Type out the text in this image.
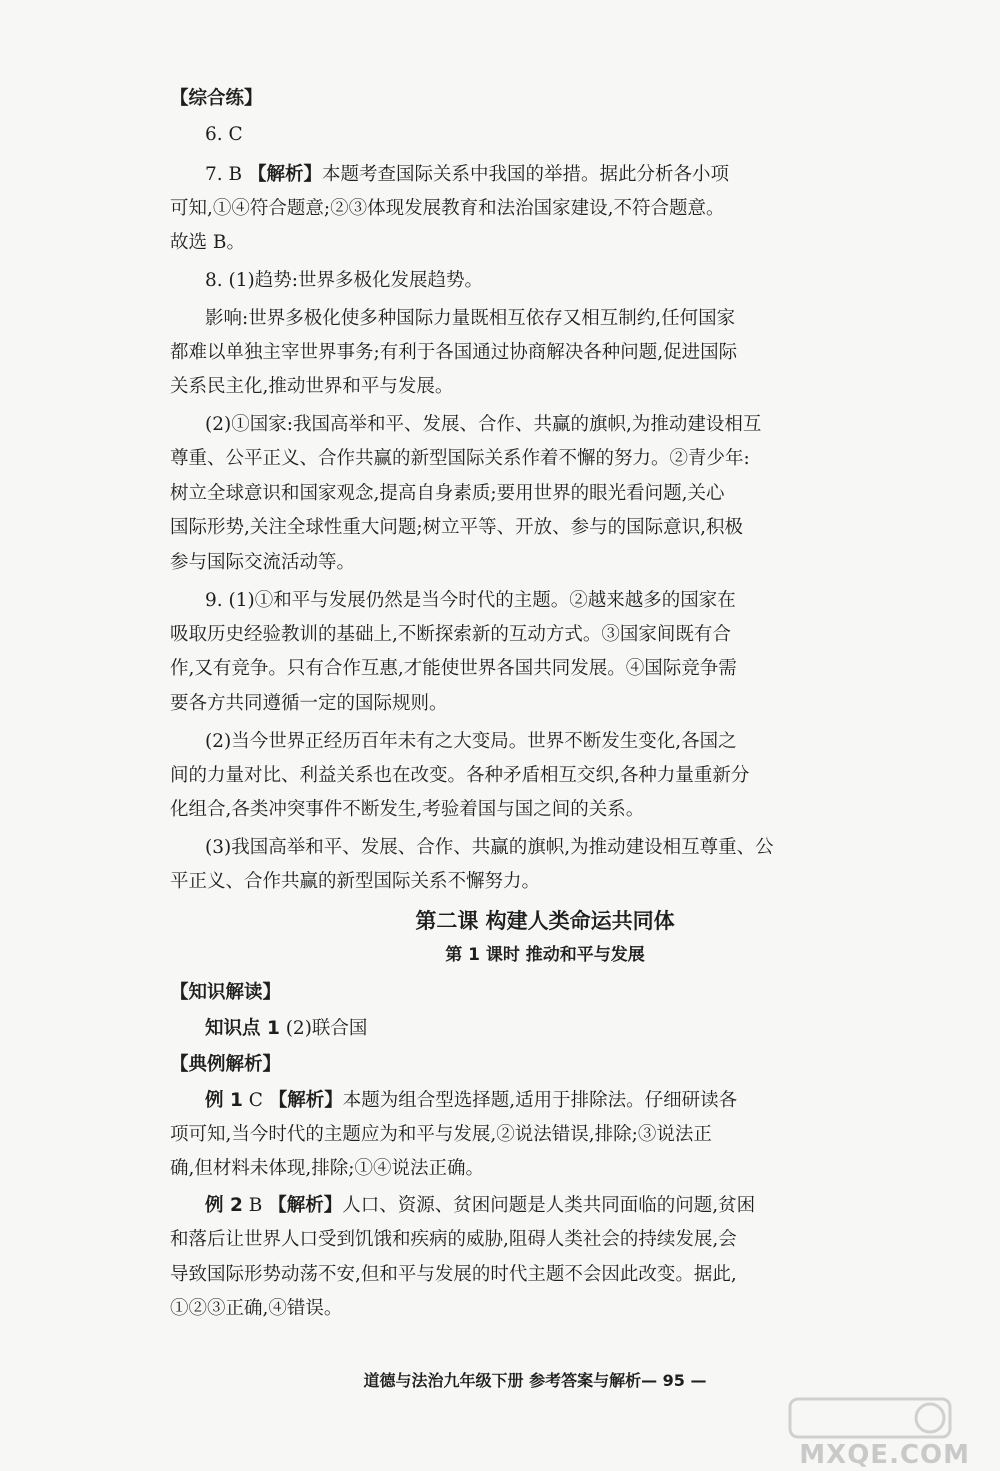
【综合练】
6. C
7. B 【解析】本题考查国际关系中我国的举措。据此分析各小项
可知,①④符合题意;②③体现发展教育和法治国家建设,不符合题意。
故选 B。
8. (1)趋势:世界多极化发展趋势。
影响:世界多极化使多种国际力量既相互依存又相互制约,任何国家
都难以单独主宰世界事务;有利于各国通过协商解决各种问题,促进国际
关系民主化,推动世界和平与发展。
(2)①国家:我国高举和平、发展、合作、共赢的旗帜,为推动建设相互
尊重、公平正义、合作共赢的新型国际关系作着不懈的努力。②青少年:
树立全球意识和国家观念,提高自身素质;要用世界的眼光看问题,关心
国际形势,关注全球性重大问题;树立平等、开放、参与的国际意识,积极
参与国际交流活动等。
9. (1)①和平与发展仍然是当今时代的主题。②越来越多的国家在
吸取历史经验教训的基础上,不断探索新的互动方式。③国家间既有合
作,又有竞争。只有合作互惠,才能使世界各国共同发展。④国际竞争需
要各方共同遵循一定的国际规则。
(2)当今世界正经历百年未有之大变局。世界不断发生变化,各国之
间的力量对比、利益关系也在改变。各种矛盾相互交织,各种力量重新分
化组合,各类冲突事件不断发生,考验着国与国之间的关系。
(3)我国高举和平、发展、合作、共赢的旗帜,为推动建设相互尊重、公
平正义、合作共赢的新型国际关系不懈努力。
第二课 构建人类命运共同体
第 1 课时 推动和平与发展
【知识解读】
知识点 1 (2)联合国
【典例解析】
例 1 C 【解析】本题为组合型选择题,适用于排除法。仔细研读各
项可知,当今时代的主题应为和平与发展,②说法错误,排除;③说法正
确,但材料未体现,排除;①④说法正确。
例 2 B 【解析】人口、资源、贫困问题是人类共同面临的问题,贫困
和落后让世界人口受到饥饿和疾病的威胁,阻碍人类社会的持续发展,会
导致国际形势动荡不安,但和平与发展的时代主题不会因此改变。据此,
①②③正确,④错误。
道德与法治九年级下册 参考答案与解析— 95 —
MXQE.COM
